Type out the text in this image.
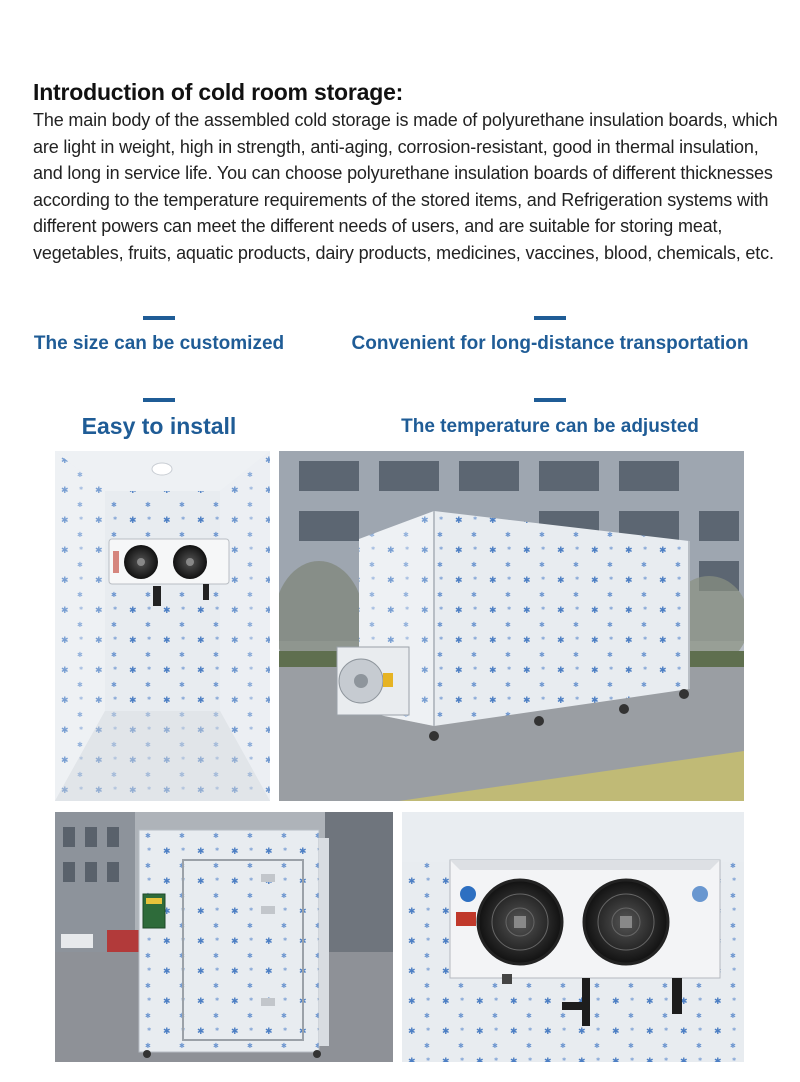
Introduction of cold room storage:

The main body of the assembled cold storage is made of polyurethane insulation boards, which are light in weight, high in strength, anti-aging, corrosion-resistant, good in thermal insulation, and long in service life. You can choose polyurethane insulation boards of different thicknesses according to the temperature requirements of the stored items, and Refrigeration systems with different powers can meet the different needs of users, and are suitable for storing meat, vegetables, fruits, aquatic products, dairy products, medicines, vaccines, blood, chemicals, etc.

The size can be customized	Convenient for long-distance transportation
Easy to install	The temperature can be adjusted
